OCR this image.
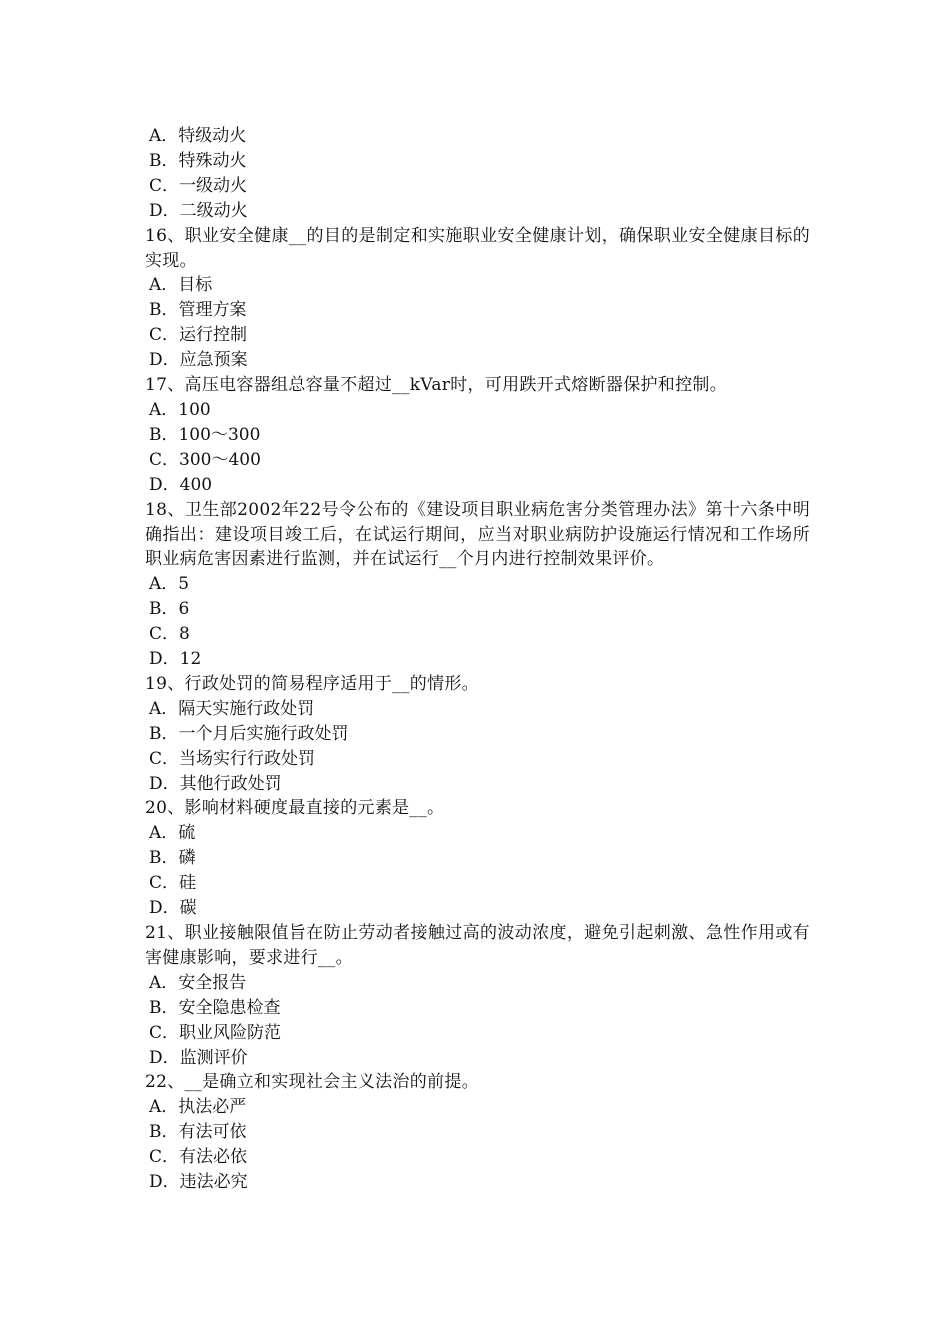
A．特级动火

B．特殊动火

C．一级动火

D．二级动火

16、职业安全健康__的目的是制定和实施职业安全健康计划，确保职业安全健康目标的实现。

A．目标

B．管理方案

C．运行控制

D．应急预案

17、高压电容器组总容量不超过__kVar时，可用跌开式熔断器保护和控制。

A．100

B．100～300

C．300～400

D．400

18、卫生部2002年22号令公布的《建设项目职业病危害分类管理办法》第十六条中明确指出：建设项目竣工后，在试运行期间，应当对职业病防护设施运行情况和工作场所职业病危害因素进行监测，并在试运行__个月内进行控制效果评价。

A．5

B．6

C．8

D．12

19、行政处罚的简易程序适用于__的情形。

A．隔天实施行政处罚

B．一个月后实施行政处罚

C．当场实行行政处罚

D．其他行政处罚

20、影响材料硬度最直接的元素是__。

A．硫

B．磷

C．硅

D．碳

21、职业接触限值旨在防止劳动者接触过高的波动浓度，避免引起刺激、急性作用或有害健康影响，要求进行__。

A．安全报告

B．安全隐患检查

C．职业风险防范

D．监测评价

22、__是确立和实现社会主义法治的前提。

A．执法必严

B．有法可依

C．有法必依

D．违法必究
